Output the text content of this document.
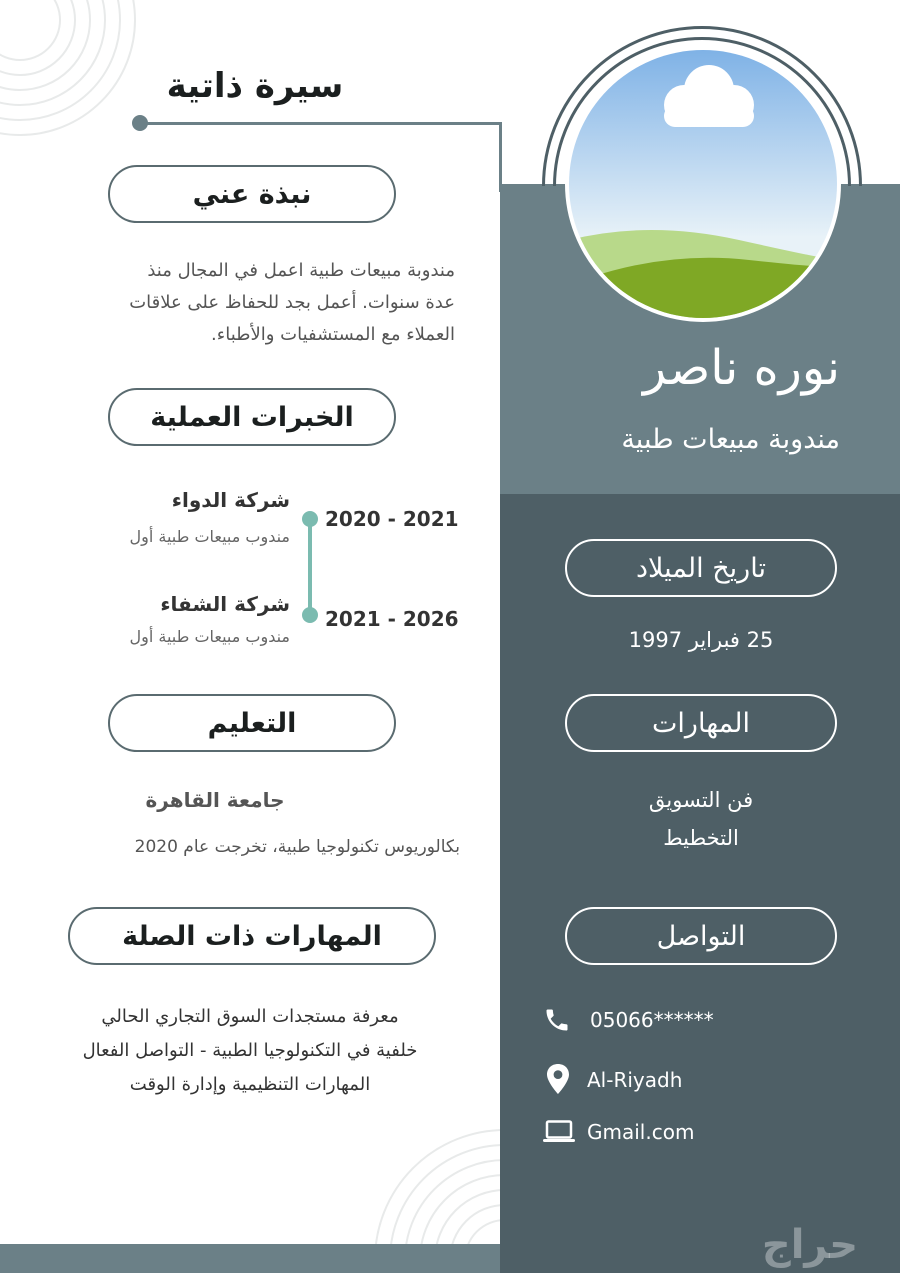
سيرة ذاتية
نوره ناصر
مندوبة مبيعات طبية
نبذة عني
مندوبة مبيعات طبية اعمل في المجال منذ
عدة سنوات. أعمل بجد للحفاظ على علاقات
العملاء مع المستشفيات والأطباء.
الخبرات العملية
شركة الدواء
مندوب مبيعات طبية أول
2020 - 2021
شركة الشفاء
مندوب مبيعات طبية أول
2021 - 2026
التعليم
جامعة القاهرة
بكالوريوس تكنولوجيا طبية، تخرجت عام 2020
المهارات ذات الصلة
معرفة مستجدات السوق التجاري الحالي
خلفية في التكنولوجيا الطبية - التواصل الفعال
المهارات التنظيمية وإدارة الوقت
تاريخ الميلاد
25 فبراير 1997
المهارات
فن التسويق
التخطيط
التواصل
05066******
Al-Riyadh
Gmail.com
حراج
